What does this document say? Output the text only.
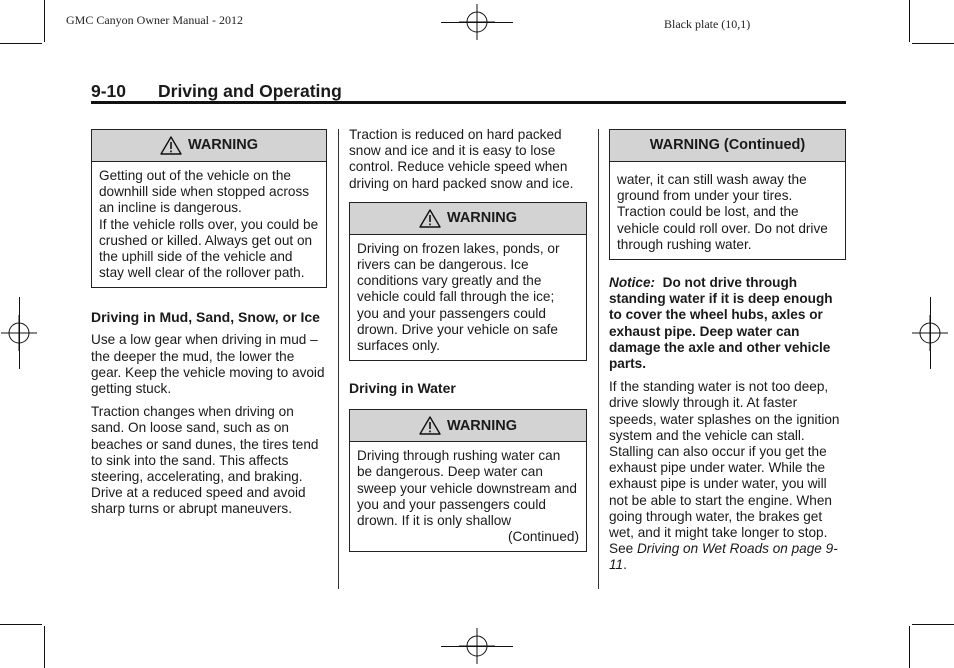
GMC Canyon Owner Manual - 2012	Black plate (10,1)
9-10 Driving and Operating
WARNING

Getting out of the vehicle on the downhill side when stopped across an incline is dangerous.

If the vehicle rolls over, you could be crushed or killed. Always get out on the uphill side of the vehicle and stay well clear of the rollover path.

Driving in Mud, Sand, Snow, or Ice

Use a low gear when driving in mud – the deeper the mud, the lower the gear. Keep the vehicle moving to avoid getting stuck.

Traction changes when driving on sand. On loose sand, such as on beaches or sand dunes, the tires tend to sink into the sand. This affects steering, accelerating, and braking. Drive at a reduced speed and avoid sharp turns or abrupt maneuvers.

Traction is reduced on hard packed snow and ice and it is easy to lose control. Reduce vehicle speed when driving on hard packed snow and ice.

WARNING

Driving on frozen lakes, ponds, or rivers can be dangerous. Ice conditions vary greatly and the vehicle could fall through the ice; you and your passengers could drown. Drive your vehicle on safe surfaces only.

Driving in Water
WARNING

Driving through rushing water can be dangerous. Deep water can sweep your vehicle downstream and you and your passengers could drown. If it is only shallow

(Continued)

WARNING (Continued)

water, it can still wash away the ground from under your tires. Traction could be lost, and the vehicle could roll over. Do not drive through rushing water.

Notice: Do not drive through standing water if it is deep enough to cover the wheel hubs, axles or exhaust pipe. Deep water can damage the axle and other vehicle parts.

If the standing water is not too deep, drive slowly through it. At faster speeds, water splashes on the ignition system and the vehicle can stall. Stalling can also occur if you get the exhaust pipe under water. While the exhaust pipe is under water, you will not be able to start the engine. When going through water, the brakes get wet, and it might take longer to stop. See Driving on Wet Roads on page 9-11.
